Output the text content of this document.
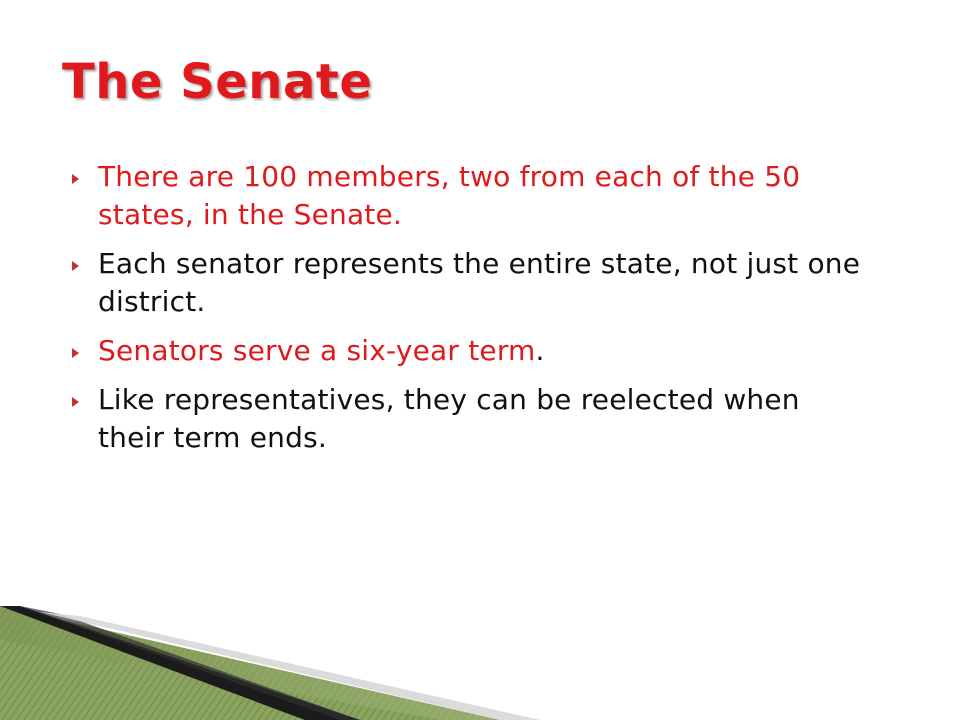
The Senate
There are 100 members, two from each of the 50 states, in the Senate.
Each senator represents the entire state, not just one district.
Senators serve a six-year term.
Like representatives, they can be reelected when their term ends.
